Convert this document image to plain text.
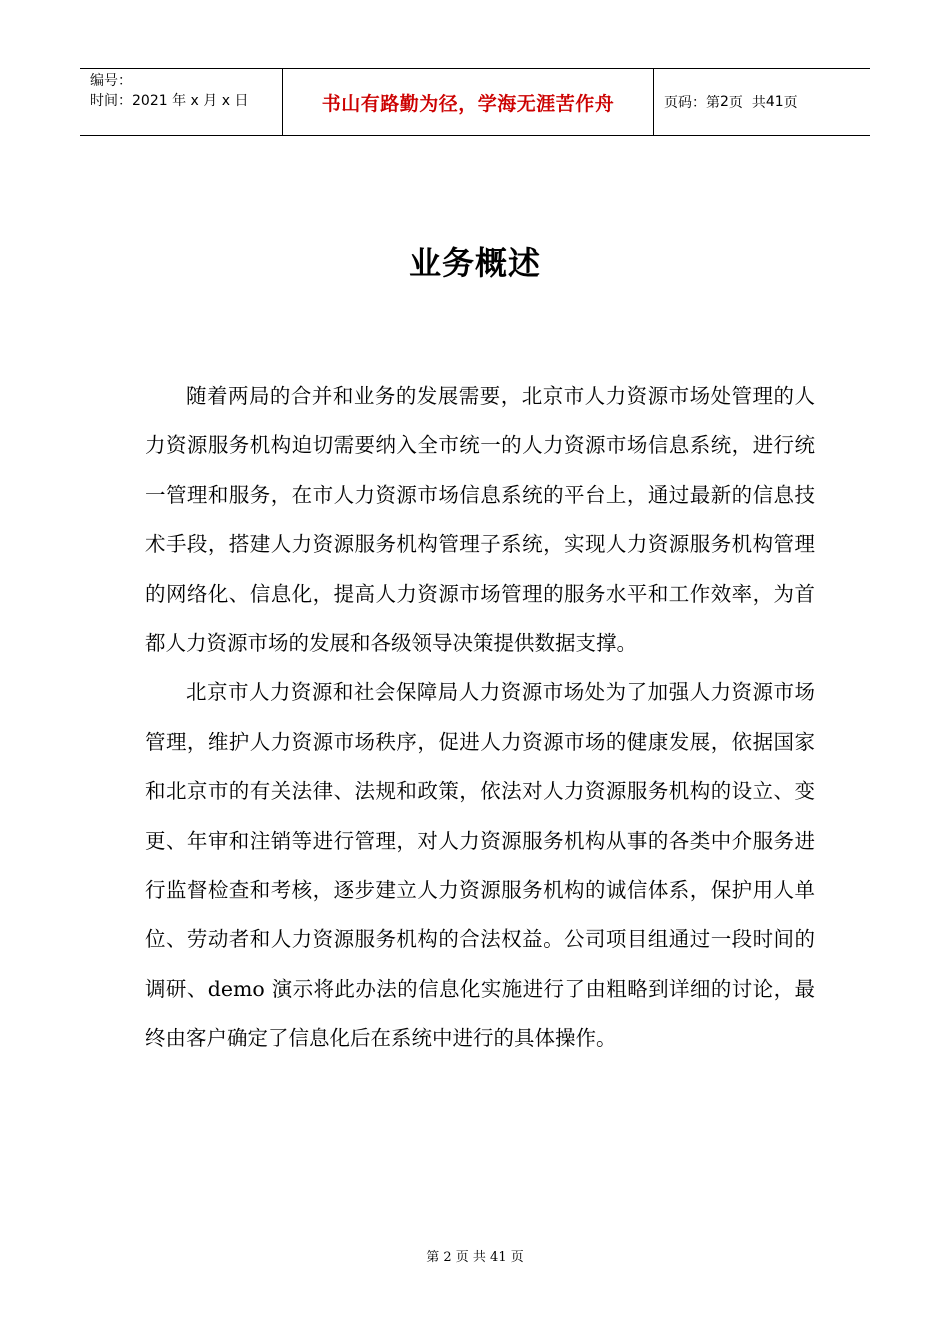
编号：
时间：2021 年 x 月 x 日	书山有路勤为径，学海无涯苦作舟	页码：第 2 页  共 41 页
业务概述

随着两局的合并和业务的发展需要，北京市人力资源市场处管理的人力资源服务机构迫切需要纳入全市统一的人力资源市场信息系统，进行统一管理和服务，在市人力资源市场信息系统的平台上，通过最新的信息技术手段，搭建人力资源服务机构管理子系统，实现人力资源服务机构管理的网络化、信息化，提高人力资源市场管理的服务水平和工作效率，为首都人力资源市场的发展和各级领导决策提供数据支撑。

北京市人力资源和社会保障局人力资源市场处为了加强人力资源市场管理，维护人力资源市场秩序，促进人力资源市场的健康发展，依据国家和北京市的有关法律、法规和政策，依法对人力资源服务机构的设立、变更、年审和注销等进行管理，对人力资源服务机构从事的各类中介服务进行监督检查和考核，逐步建立人力资源服务机构的诚信体系，保护用人单位、劳动者和人力资源服务机构的合法权益。公司项目组通过一段时间的调研、demo 演示将此办法的信息化实施进行了由粗略到详细的讨论，最终由客户确定了信息化后在系统中进行的具体操作。

第 2 页 共 41 页
